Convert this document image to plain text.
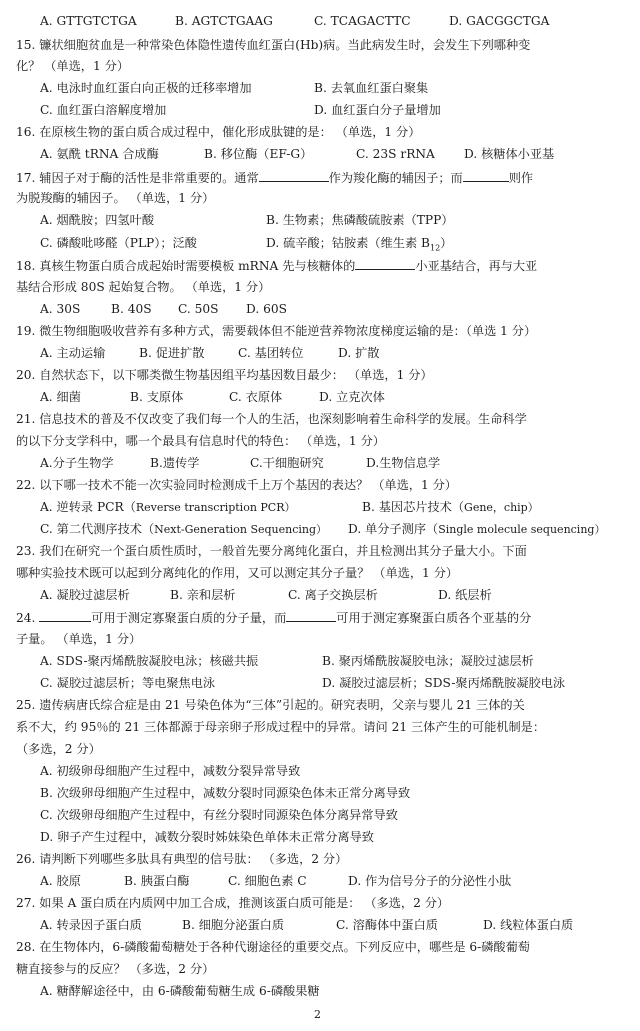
A. GTTGTCTGA	B. AGTCTGAAG	C. TCAGACTTC	D. GACGGCTGA
15. 镰状细胞贫血是一种常染色体隐性遗传血红蛋白(Hb)病。当此病发生时，会发生下列哪种变
化？ （单选，1 分）
A. 电泳时血红蛋白向正极的迁移率增加	B. 去氧血红蛋白聚集
C. 血红蛋白溶解度增加	D. 血红蛋白分子量增加
16. 在原核生物的蛋白质合成过程中，催化形成肽键的是： （单选，1 分）
A. 氨酰 tRNA 合成酶	B. 移位酶（EF-G）	C. 23S rRNA D. 核糖体小亚基
17. 辅因子对于酶的活性是非常重要的。通常	作为羧化酶的辅因子；而	则作
为脱羧酶的辅因子。 （单选，1 分）
A. 烟酰胺；四氢叶酸	B. 生物素；焦磷酸硫胺素（TPP）
C. 磷酸吡哆醛（PLP）；泛酸	D. 硫辛酸；钴胺素（维生素 $B_{12}$）
18. 真核生物蛋白质合成起始时需要模板 mRNA 先与核糖体的	小亚基结合，再与大亚
基结合形成 80S 起始复合物。 （单选，1 分）
A. 30S	B. 40S C. 50S D. 60S
19. 微生物细胞吸收营养有多种方式，需要载体但不能逆营养物浓度梯度运输的是：（单选 1 分）
A. 主动运输	B. 促进扩散	C. 基团转位	D. 扩散
20. 自然状态下，以下哪类微生物基因组平均基因数目最少： （单选，1 分）
A. 细菌	B. 支原体	C. 衣原体	D. 立克次体
21. 信息技术的普及不仅改变了我们每一个人的生活，也深刻影响着生命科学的发展。生命科学
的以下分支学科中，哪一个最具有信息时代的特色： （单选，1 分）
A.分子生物学	B.遗传学	C.干细胞研究	D.生物信息学
22. 以下哪一技术不能一次实验同时检测成千上万个基因的表达？ （单选，1 分）
A. 逆转录 PCR（Reverse transcription PCR）	B. 基因芯片技术（Gene，chip）
C. 第二代测序技术（Next-Generation Sequencing） D. 单分子测序（Single molecule sequencing）
23. 我们在研究一个蛋白质性质时，一般首先要分离纯化蛋白，并且检测出其分子量大小。下面
哪种实验技术既可以起到分离纯化的作用，又可以测定其分子量？ （单选，1 分）
A. 凝胶过滤层析	B. 亲和层析	C. 离子交换层析	D. 纸层析
24.	可用于测定寡聚蛋白质的分子量，而	可用于测定寡聚蛋白质各个亚基的分
子量。 （单选，1 分）
A. SDS-聚丙烯酰胺凝胶电泳；核磁共振	B. 聚丙烯酰胺凝胶电泳；凝胶过滤层析
C. 凝胶过滤层析；等电聚焦电泳	D. 凝胶过滤层析；SDS-聚丙烯酰胺凝胶电泳
25. 遗传病唐氏综合症是由 21 号染色体为“三体”引起的。研究表明，父亲与婴儿 21 三体的关
系不大，约 95％的 21 三体都源于母亲卵子形成过程中的异常。请问 21 三体产生的可能机制是：
（多选，2 分）
A. 初级卵母细胞产生过程中，减数分裂异常导致
B. 次级卵母细胞产生过程中，减数分裂时同源染色体未正常分离导致
C. 次级卵母细胞产生过程中，有丝分裂时同源染色体分离异常导致
D. 卵子产生过程中，减数分裂时姊妹染色单体未正常分离导致
26. 请判断下列哪些多肽具有典型的信号肽： （多选，2 分）
A. 胶原	B. 胰蛋白酶	C. 细胞色素 C	D. 作为信号分子的分泌性小肽
27. 如果 A 蛋白质在内质网中加工合成，推测该蛋白质可能是： （多选，2 分）
A. 转录因子蛋白质	B. 细胞分泌蛋白质	C. 溶酶体中蛋白质	D. 线粒体蛋白质
28. 在生物体内，6-磷酸葡萄糖处于各种代谢途径的重要交点。下列反应中，哪些是 6-磷酸葡萄
糖直接参与的反应？ （多选，2 分）
A. 糖酵解途径中，由 6-磷酸葡萄糖生成 6-磷酸果糖
2
